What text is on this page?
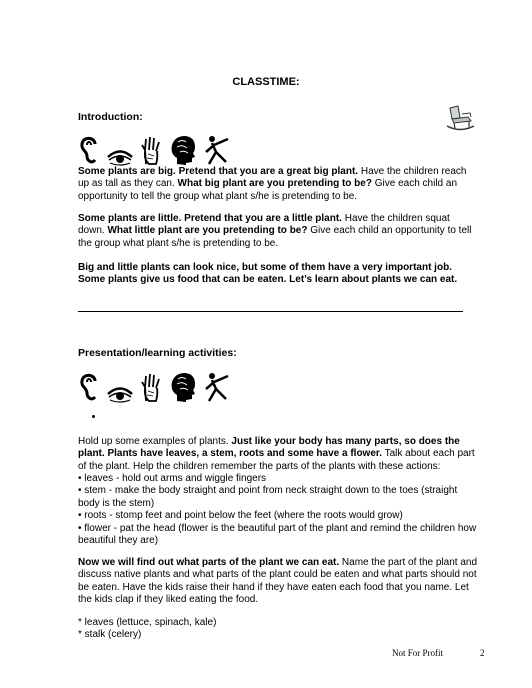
CLASSTIME:
Introduction:

Some plants are big. Pretend that you are a great big plant. Have the children reach up as tall as they can. What big plant are you pretending to be? Give each child an opportunity to tell the group what plant s/he is pretending to be.

Some plants are little. Pretend that you are a little plant. Have the children squat down. What little plant are you pretending to be? Give each child an opportunity to tell the group what plant s/he is pretending to be.

Big and little plants can look nice, but some of them have a very important job. Some plants give us food that can be eaten. Let’s learn about plants we can eat.

Presentation/learning activities:

Hold up some examples of plants. Just like your body has many parts, so does the plant. Plants have leaves, a stem, roots and some have a flower. Talk about each part of the plant. Help the children remember the parts of the plants with these actions:

• leaves - hold out arms and wiggle fingers
• stem - make the body straight and point from neck straight down to the toes (straight body is the stem)
• roots - stomp feet and point below the feet (where the roots would grow)
• flower - pat the head (flower is the beautiful part of the plant and remind the children how beautiful they are)

Now we will find out what parts of the plant we can eat. Name the part of the plant and
discuss native plants and what parts of the plant could be eaten and what parts should not be eaten. Have the kids raise their hand if they have eaten each food that you name. Let the kids clap if they liked eating the food.

* leaves (lettuce, spinach, kale)
* stalk (celery)
Not For Profit	2
